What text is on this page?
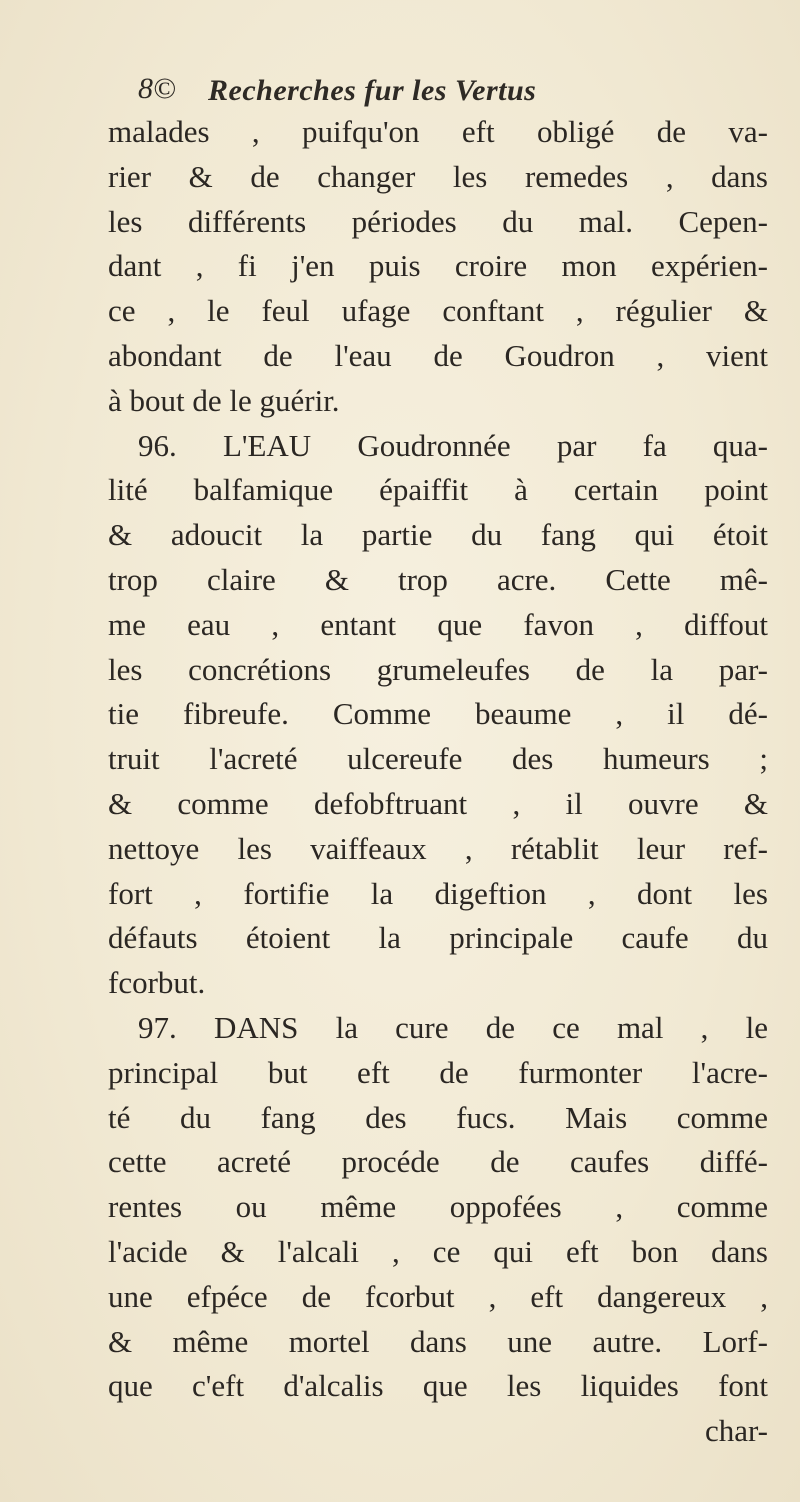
8© Recherches fur les Vertus
malades , puifqu'on eft obligé de va-
rier & de changer les remedes , dans
les différents périodes du mal. Cepen-
dant , fi j'en puis croire mon expérien-
ce , le feul ufage conftant , régulier &
abondant de l'eau de Goudron , vient
à bout de le guérir.
96. L'EAU Goudronnée par fa qua-
lité balfamique épaiffit à certain point
& adoucit la partie du fang qui étoit
trop claire & trop acre. Cette mê-
me eau , entant que favon , diffout
les concrétions grumeleufes de la par-
tie fibreufe. Comme beaume , il dé-
truit l'acreté ulcereufe des humeurs ;
& comme defobftruant , il ouvre &
nettoye les vaiffeaux , rétablit leur ref-
fort , fortifie la digeftion , dont les
défauts étoient la principale caufe du
fcorbut.
97. DANS la cure de ce mal , le
principal but eft de furmonter l'acre-
té du fang des fucs. Mais comme
cette acreté procéde de caufes diffé-
rentes ou même oppofées , comme
l'acide & l'alcali , ce qui eft bon dans
une efpéce de fcorbut , eft dangereux ,
& même mortel dans une autre. Lorf-
que c'eft d'alcalis que les liquides font
char-
